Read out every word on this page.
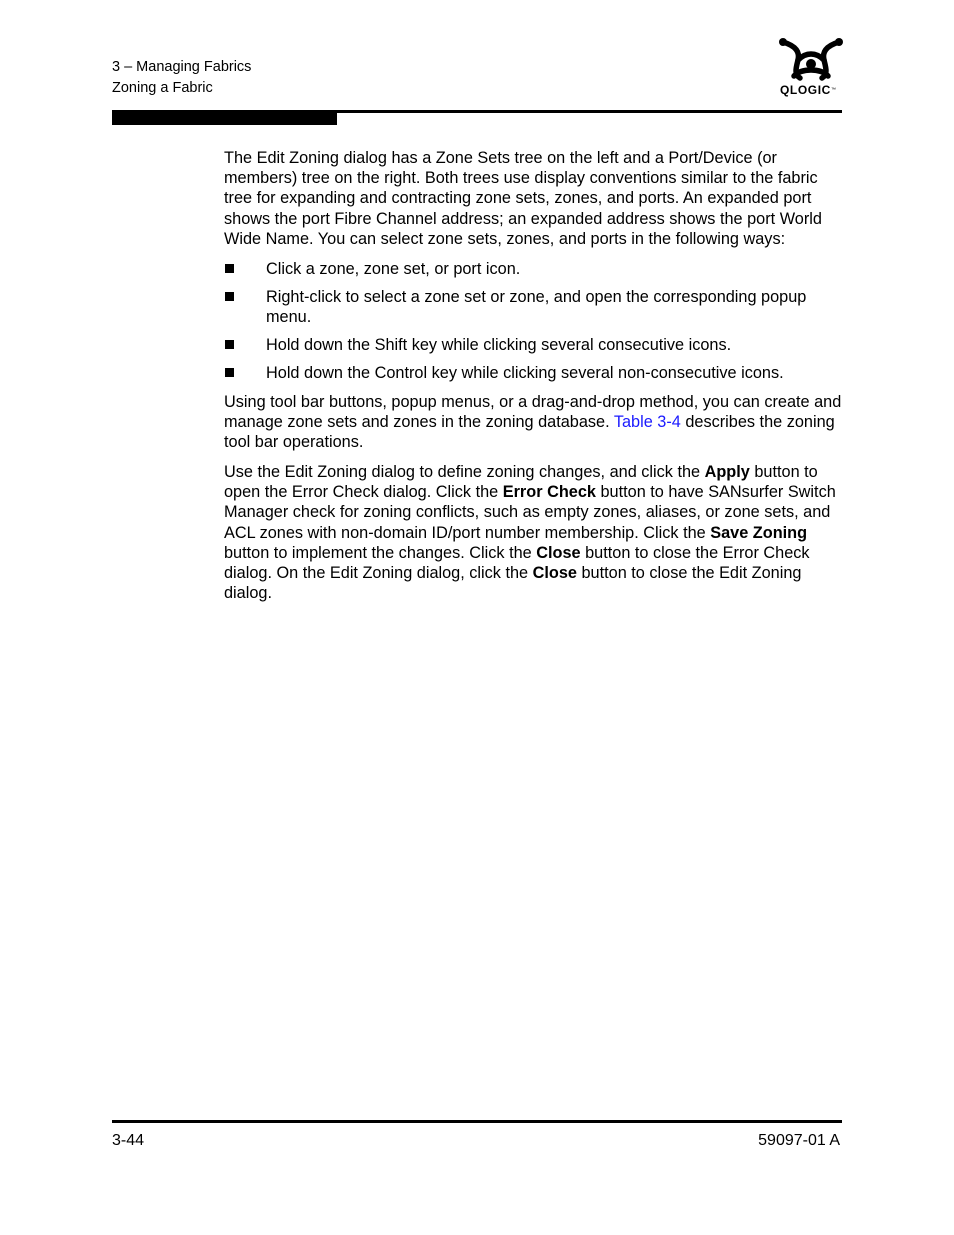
3 – Managing Fabrics
Zoning a Fabric	QLOGIC™

The Edit Zoning dialog has a Zone Sets tree on the left and a Port/Device (or members) tree on the right. Both trees use display conventions similar to the fabric tree for expanding and contracting zone sets, zones, and ports. An expanded port shows the port Fibre Channel address; an expanded address shows the port World Wide Name. You can select zone sets, zones, and ports in the following ways:

Click a zone, zone set, or port icon.
Right-click to select a zone set or zone, and open the corresponding popup menu.
Hold down the Shift key while clicking several consecutive icons.
Hold down the Control key while clicking several non-consecutive icons.

Using tool bar buttons, popup menus, or a drag-and-drop method, you can create and manage zone sets and zones in the zoning database. Table 3-4 describes the zoning tool bar operations.

Use the Edit Zoning dialog to define zoning changes, and click the Apply button to open the Error Check dialog. Click the Error Check button to have SANsurfer Switch Manager check for zoning conflicts, such as empty zones, aliases, or zone sets, and ACL zones with non-domain ID/port number membership. Click the Save Zoning button to implement the changes. Click the Close button to close the Error Check dialog. On the Edit Zoning dialog, click the Close button to close the Edit Zoning dialog.

3-44	59097-01 A
